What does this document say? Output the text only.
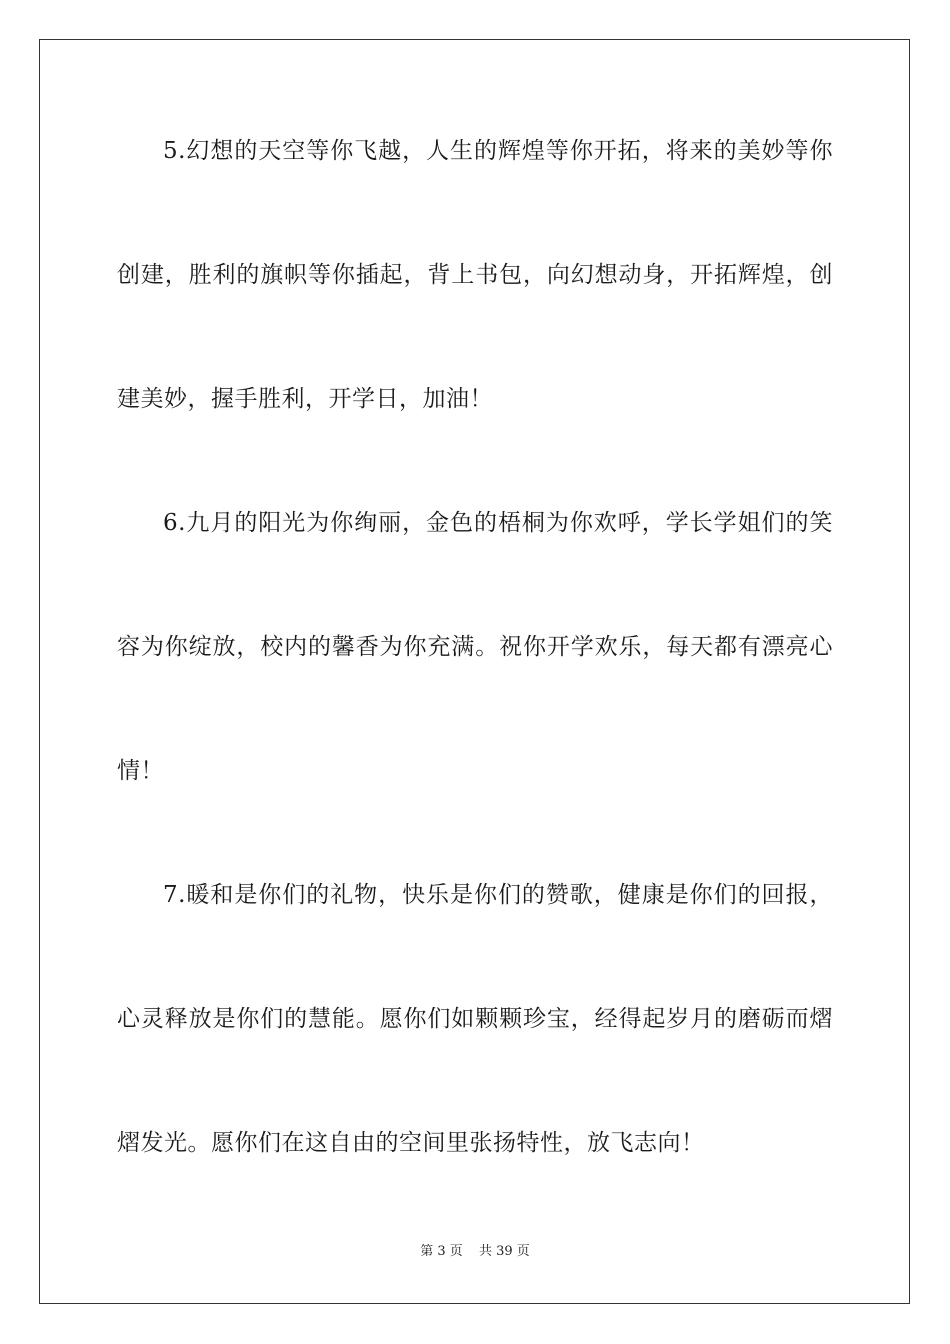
5.幻想的天空等你飞越，人生的辉煌等你开拓，将来的美妙等你
创建，胜利的旗帜等你插起，背上书包，向幻想动身，开拓辉煌，创
建美妙，握手胜利，开学日，加油！
6.九月的阳光为你绚丽，金色的梧桐为你欢呼，学长学姐们的笑
容为你绽放，校内的馨香为你充满。祝你开学欢乐，每天都有漂亮心
情！
7.暖和是你们的礼物，快乐是你们的赞歌，健康是你们的回报，
心灵释放是你们的慧能。愿你们如颗颗珍宝，经得起岁月的磨砺而熠
熠发光。愿你们在这自由的空间里张扬特性，放飞志向！
第 3 页 共 39 页
